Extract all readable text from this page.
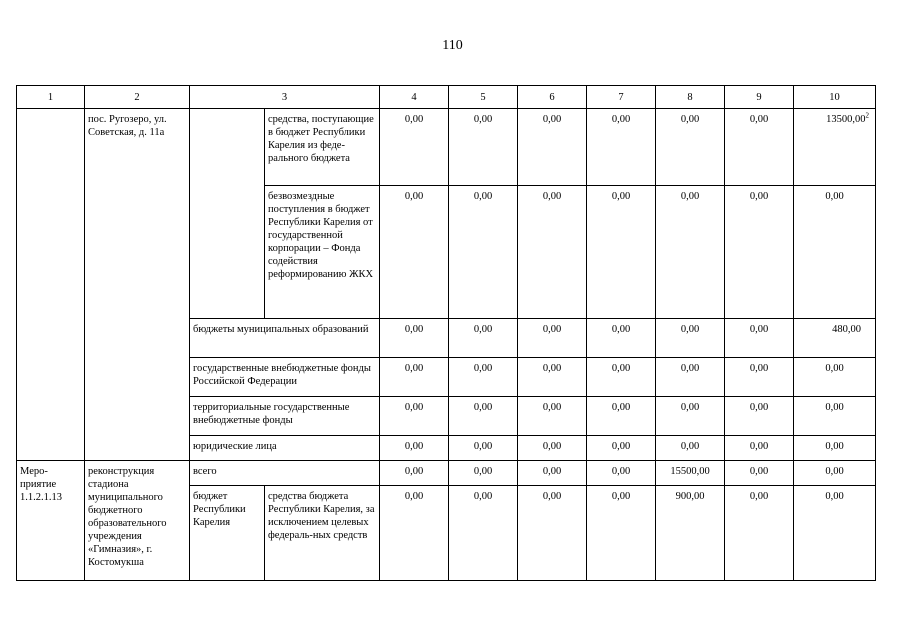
110
1	2	3		4	5	6	7	8	9	10
	пос. Ругозеро, ул. Советская, д. 11а		средства, поступающие в бюджет Республики Карелия из феде-рального бюджета	0,00	0,00	0,00	0,00	0,00	0,00	13500,00$^2$
			безвозмездные поступления в бюджет Республики Карелия от государственной корпорации – Фонда содействия реформированию ЖКХ	0,00	0,00	0,00	0,00	0,00	0,00	0,00
		бюджеты муниципальных образований		0,00	0,00	0,00	0,00	0,00	0,00	480,00
		государственные внебюджетные фонды Российской Федерации		0,00	0,00	0,00	0,00	0,00	0,00	0,00
		территориальные государственные внебюджетные фонды		0,00	0,00	0,00	0,00	0,00	0,00	0,00
		юридические лица		0,00	0,00	0,00	0,00	0,00	0,00	0,00
Меро-приятие 1.1.2.1.13	реконструкция стадиона муниципального бюджетного образовательного учреждения «Гимназия», г. Костомукша	всего		0,00	0,00	0,00	0,00	15500,00	0,00	0,00
		бюджет Республики Карелия	средства бюджета Республики Карелия, за исключением целевых федераль-ных средств	0,00	0,00	0,00	0,00	900,00	0,00	0,00
